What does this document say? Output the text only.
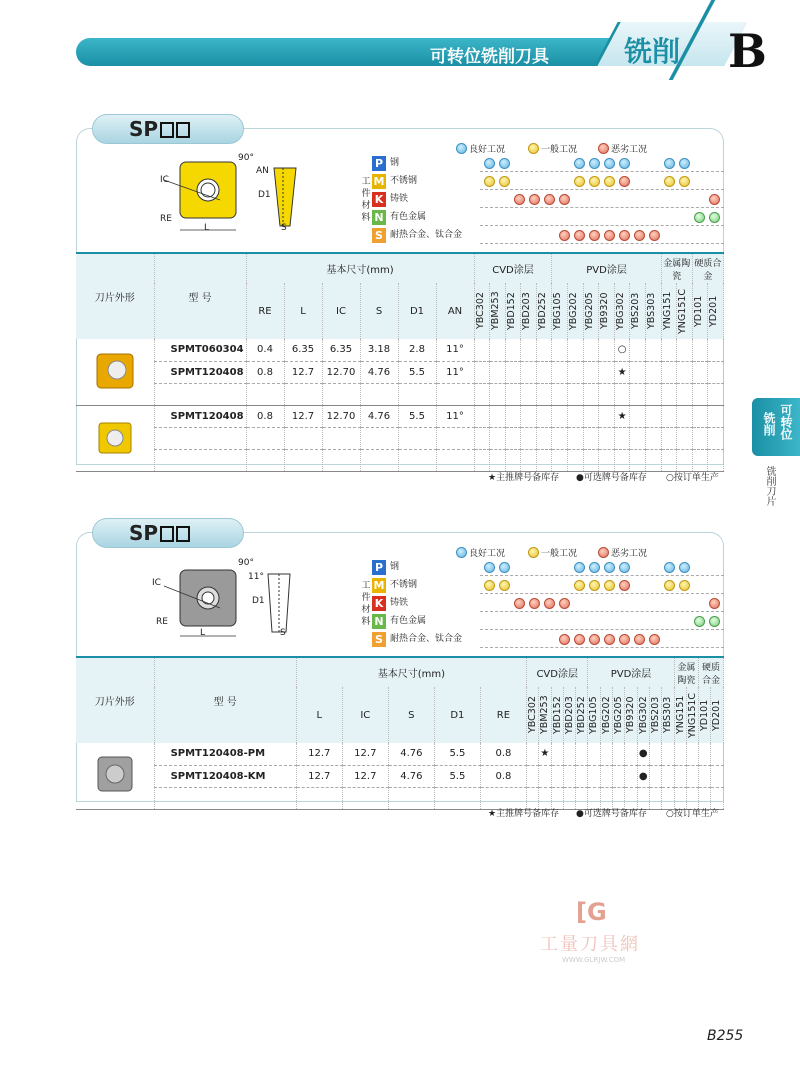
可转位铣削刀具	铣削 B
SP
90°
IC
RE
L
AN
D1
S
良好工况	一般工况	恶劣工况
工件材料
P 钢
M 不锈钢
K 铸铁
N 有色金属
S 耐热合金、钛合金
刀片外形	型 号	基本尺寸(mm)						CVD涂层					PVD涂层							金属陶瓷		硬质合金	
		RE	L	IC	S	D1	AN	YBC302	YBM253	YBD152	YBD203	YBD252	YBG105	YBG202	YBG205	YB9320	YBG302	YBS203	YBS303	YNG151	YNG151C	YD101	YD201

	SPMT060304	0.4	6.35	6.35	3.18	2.8	11°										○						
	SPMT120408	0.8	12.7	12.70	4.76	5.5	11°										★						

	SPMT120408	0.8	12.7	12.70	4.76	5.5	11°										★						

★主推牌号备库存 ●可选牌号备库存 ○按订单生产
可转位
铣削
铣削刀片
SP
90°
IC
RE
L
11°
D1
S
良好工况	一般工况	恶劣工况
工件材料
P 钢
M 不锈钢
K 铸铁
N 有色金属
S 耐热合金、钛合金
刀片外形	型 号	基本尺寸(mm)					CVD涂层					PVD涂层							金属陶瓷		硬质合金	
		L	IC	S	D1	RE	YBC302	YBM253	YBD152	YBD203	YBD252	YBG105	YBG202	YBG205	YB9320	YBG302	YBS203	YBS303	YNG151	YNG151C	YD101	YD201

	SPMT120408-PM	12.7	12.7	4.76	5.5	0.8		★								●						
	SPMT120408-KM	12.7	12.7	4.76	5.5	0.8										●						

★主推牌号备库存 ●可选牌号备库存 ○按订单生产
[G
工量刀具網
WWW.GLRJW.COM
B255
